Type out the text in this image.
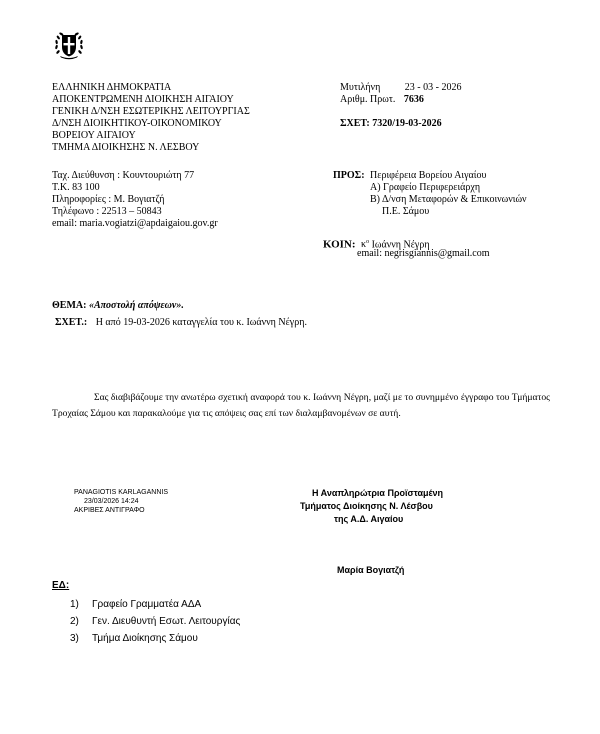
ΕΛΛΗΝΙΚΗ ΔΗΜΟΚΡΑΤΙΑ
ΑΠΟΚΕΝΤΡΩΜΕΝΗ ΔΙΟΙΚΗΣΗ ΑΙΓΑΙΟΥ
ΓΕΝΙΚΗ Δ/ΝΣΗ ΕΣΩΤΕΡΙΚΗΣ ΛΕΙΤΟΥΡΓΙΑΣ
Δ/ΝΣΗ ΔΙΟΙΚΗΤΙΚΟΥ-ΟΙΚΟΝΟΜΙΚΟΥ
ΒΟΡΕΙΟΥ ΑΙΓΑΙΟΥ
ΤΜΗΜΑ ΔΙΟΙΚΗΣΗΣ Ν. ΛΕΣΒΟΥ
Μυτιλήνη 23 - 03 - 2026
Αριθμ. Πρωτ. 7636
ΣΧΕΤ: 7320/19-03-2026
Ταχ. Διεύθυνση : Κουντουριώτη 77
Τ.Κ. 83 100
Πληροφορίες : Μ. Βογιατζή
Τηλέφωνο : 22513 – 50843
email: maria.vogiatzi@apdaigaiou.gov.gr
ΠΡΟΣ: Περιφέρεια Βορείου Αιγαίου
Α) Γραφείο Περιφερειάρχη
Β) Δ/νση Μεταφορών & Επικοινωνιών
Π.Ε. Σάμου
ΚΟΙΝ: $\kappa^o$ Ιωάννη Νέγρη
email: negrisgiannis@gmail.com
ΘΕΜΑ: «Αποστολή απόψεων».
ΣΧΕΤ.: Η από 19-03-2026 καταγγελία του κ. Ιωάννη Νέγρη.
Σας διαβιβάζουμε την ανωτέρω σχετική αναφορά του κ. Ιωάννη Νέγρη, μαζί με το συνημμένο έγγραφο του Τμήματος Τροχαίας Σάμου και παρακαλούμε για τις απόψεις σας επί των διαλαμβανομένων σε αυτή.
PANAGIOTIS KARLAGANNIS
23/03/2026 14:24
ΑΚΡΙΒΕΣ ΑΝΤΙΓΡΑΦΟ
Η Αναπληρώτρια Προϊσταμένη
Τμήματος Διοίκησης Ν. Λέσβου
της Α.Δ. Αιγαίου
Μαρία Βογιατζή
ΕΔ:
1) Γραφείο Γραμματέα ΑΔΑ
2) Γεν. Διευθυντή Εσωτ. Λειτουργίας
3) Τμήμα Διοίκησης Σάμου
